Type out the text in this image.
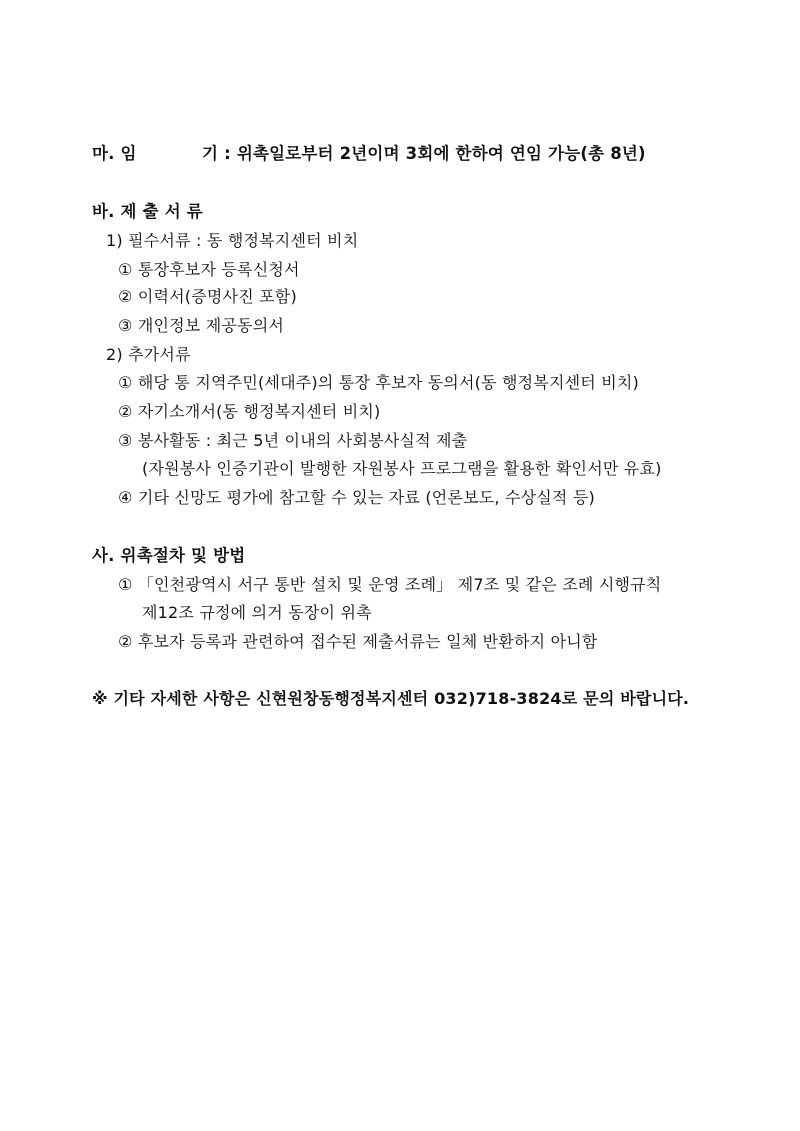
마. 임	기 : 위촉일로부터 2년이며 3회에 한하여 연임 가능(총 8년)
바. 제 출 서 류
1) 필수서류 : 동 행정복지센터 비치
① 통장후보자 등록신청서
② 이력서(증명사진 포함)
③ 개인정보 제공동의서
2) 추가서류
① 해당 통 지역주민(세대주)의 통장 후보자 동의서(동 행정복지센터 비치)
② 자기소개서(동 행정복지센터 비치)
③ 봉사활동 : 최근 5년 이내의 사회봉사실적 제출
(자원봉사 인증기관이 발행한 자원봉사 프로그램을 활용한 확인서만 유효)
④ 기타 신망도 평가에 참고할 수 있는 자료 (언론보도, 수상실적 등)
사. 위촉절차 및 방법
① 「인천광역시 서구 통반 설치 및 운영 조례」 제7조 및 같은 조례 시행규칙
제12조 규정에 의거 동장이 위촉
② 후보자 등록과 관련하여 접수된 제출서류는 일체 반환하지 아니함
※ 기타 자세한 사항은 신현원창동행정복지센터 032)718-3824로 문의 바랍니다.
